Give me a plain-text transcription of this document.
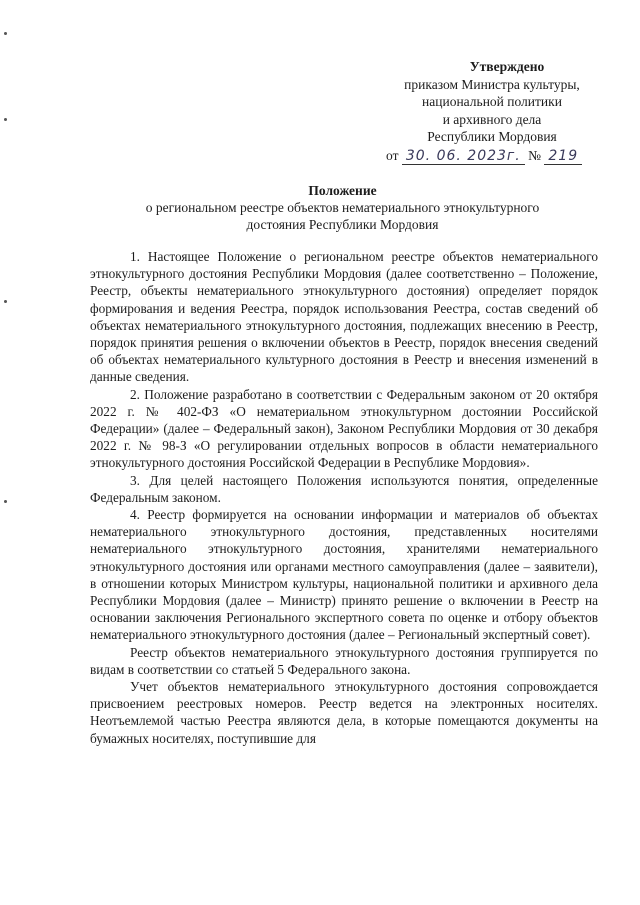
Утверждено
приказом Министра культуры,
национальной политики
и архивного дела
Республики Мордовия
от 30. 06. 2023г. № 219
Положение
о региональном реестре объектов нематериального этнокультурного
достояния Республики Мордовия

1. Настоящее Положение о региональном реестре объектов нематериального этнокультурного достояния Республики Мордовия (далее соответственно – Положение, Реестр, объекты нематериального этнокультурного достояния) определяет порядок формирования и ведения Реестра, порядок использования Реестра, состав сведений об объектах нематериального этнокультурного достояния, подлежащих внесению в Реестр, порядок принятия решения о включении объектов в Реестр, порядок внесения сведений об объектах нематериального культурного достояния в Реестр и внесения изменений в данные сведения.

2. Положение разработано в соответствии с Федеральным законом от 20 октября 2022 г. № 402-ФЗ «О нематериальном этнокультурном достоянии Российской Федерации» (далее – Федеральный закон), Законом Республики Мордовия от 30 декабря 2022 г. № 98-З «О регулировании отдельных вопросов в области нематериального этнокультурного достояния Российской Федерации в Республике Мордовия».

3. Для целей настоящего Положения используются понятия, определенные Федеральным законом.

4. Реестр формируется на основании информации и материалов об объектах нематериального этнокультурного достояния, представленных носителями нематериального этнокультурного достояния, хранителями нематериального этнокультурного достояния или органами местного самоуправления (далее – заявители), в отношении которых Министром культуры, национальной политики и архивного дела Республики Мордовия (далее – Министр) принято решение о включении в Реестр на основании заключения Регионального экспертного совета по оценке и отбору объектов нематериального этнокультурного достояния (далее – Региональный экспертный совет).

Реестр объектов нематериального этнокультурного достояния группируется по видам в соответствии со статьей 5 Федерального закона.

Учет объектов нематериального этнокультурного достояния сопровождается присвоением реестровых номеров. Реестр ведется на электронных носителях. Неотъемлемой частью Реестра являются дела, в которые помещаются документы на бумажных носителях, поступившие для
